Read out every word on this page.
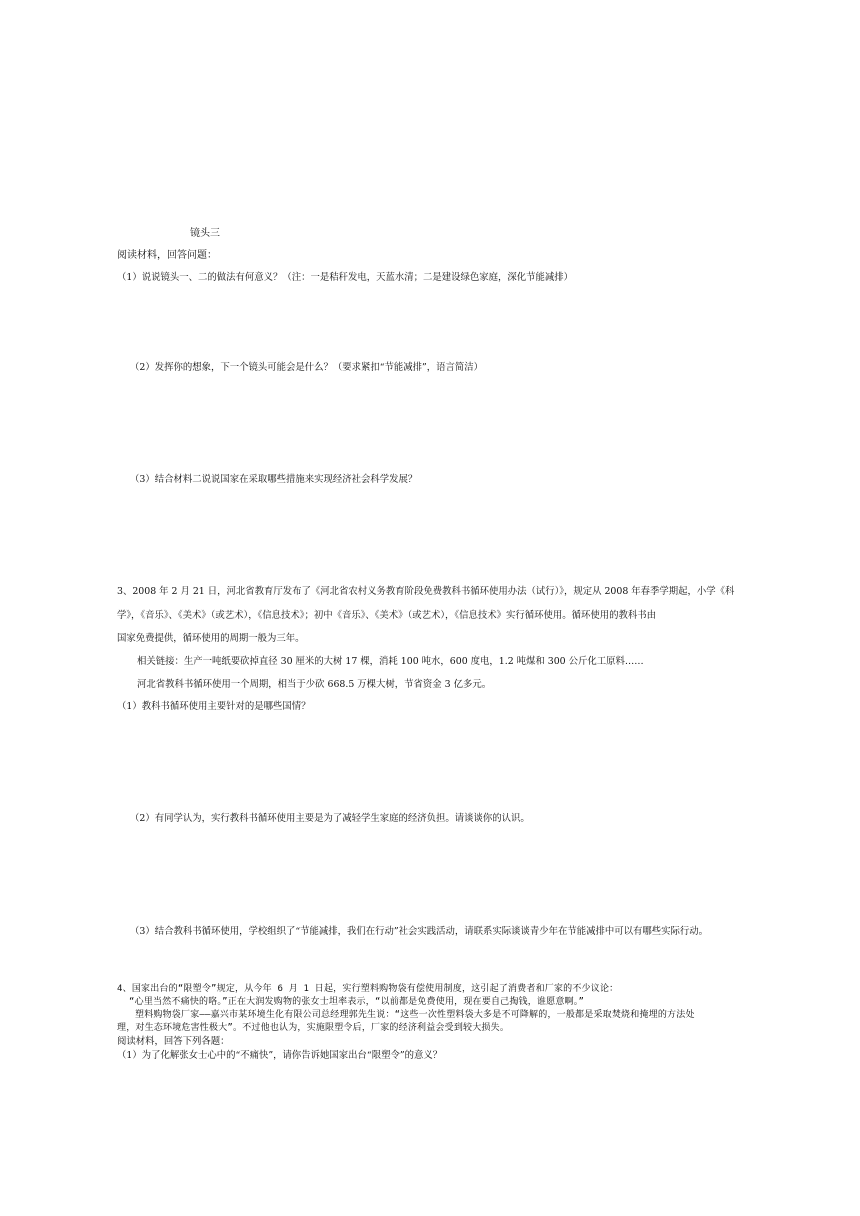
镜头三
阅读材料，回答问题：
（1）说说镜头一、二的做法有何意义？（注：一是秸秆发电，天蓝水清；二是建设绿色家庭，深化节能减排）
（2）发挥你的想象，下一个镜头可能会是什么？（要求紧扣“节能减排”，语言简洁）
（3）结合材料二说说国家在采取哪些措施来实现经济社会科学发展？
3、2008 年 2 月 21 日，河北省教育厅发布了《河北省农村义务教育阶段免费教科书循环使用办法（试行）》，规定从 2008 年春季学期起，小学《科
学》，《音乐》、《美术》（或艺术），《信息技术》；初中《音乐》、《美术》（或艺术），《信息技术》实行循环使用。循环使用的教科书由
国家免费提供，循环使用的周期一般为三年。
相关链接：生产一吨纸要砍掉直径 30 厘米的大树 17 棵，消耗 100 吨水，600 度电，1.2 吨煤和 300 公斤化工原料……
河北省教科书循环使用一个周期，相当于少砍 668.5 万棵大树，节省资金 3 亿多元。
（1）教科书循环使用主要针对的是哪些国情？
（2）有同学认为，实行教科书循环使用主要是为了减轻学生家庭的经济负担。请谈谈你的认识。
（3）结合教科书循环使用，学校组织了“节能减排，我们在行动”社会实践活动，请联系实际谈谈青少年在节能减排中可以有哪些实际行动。
4、国家出台的“限塑令”规定，从今年 6 月 1 日起，实行塑料购物袋有偿使用制度，这引起了消费者和厂家的不少议论：
“心里当然不痛快的咯。”正在大润发购物的张女士坦率表示，“以前都是免费使用，现在要自己掏钱，谁愿意啊。”
塑料购物袋厂家——嘉兴市某环境生化有限公司总经理郭先生说：“这些一次性塑料袋大多是不可降解的，一般都是采取焚烧和掩埋的方法处
理，对生态环境危害性极大”。不过他也认为，实施限塑令后，厂家的经济利益会受到较大损失。
阅读材料，回答下列各题：
（1）为了化解张女士心中的“不痛快”，请你告诉她国家出台“限塑令”的意义？
